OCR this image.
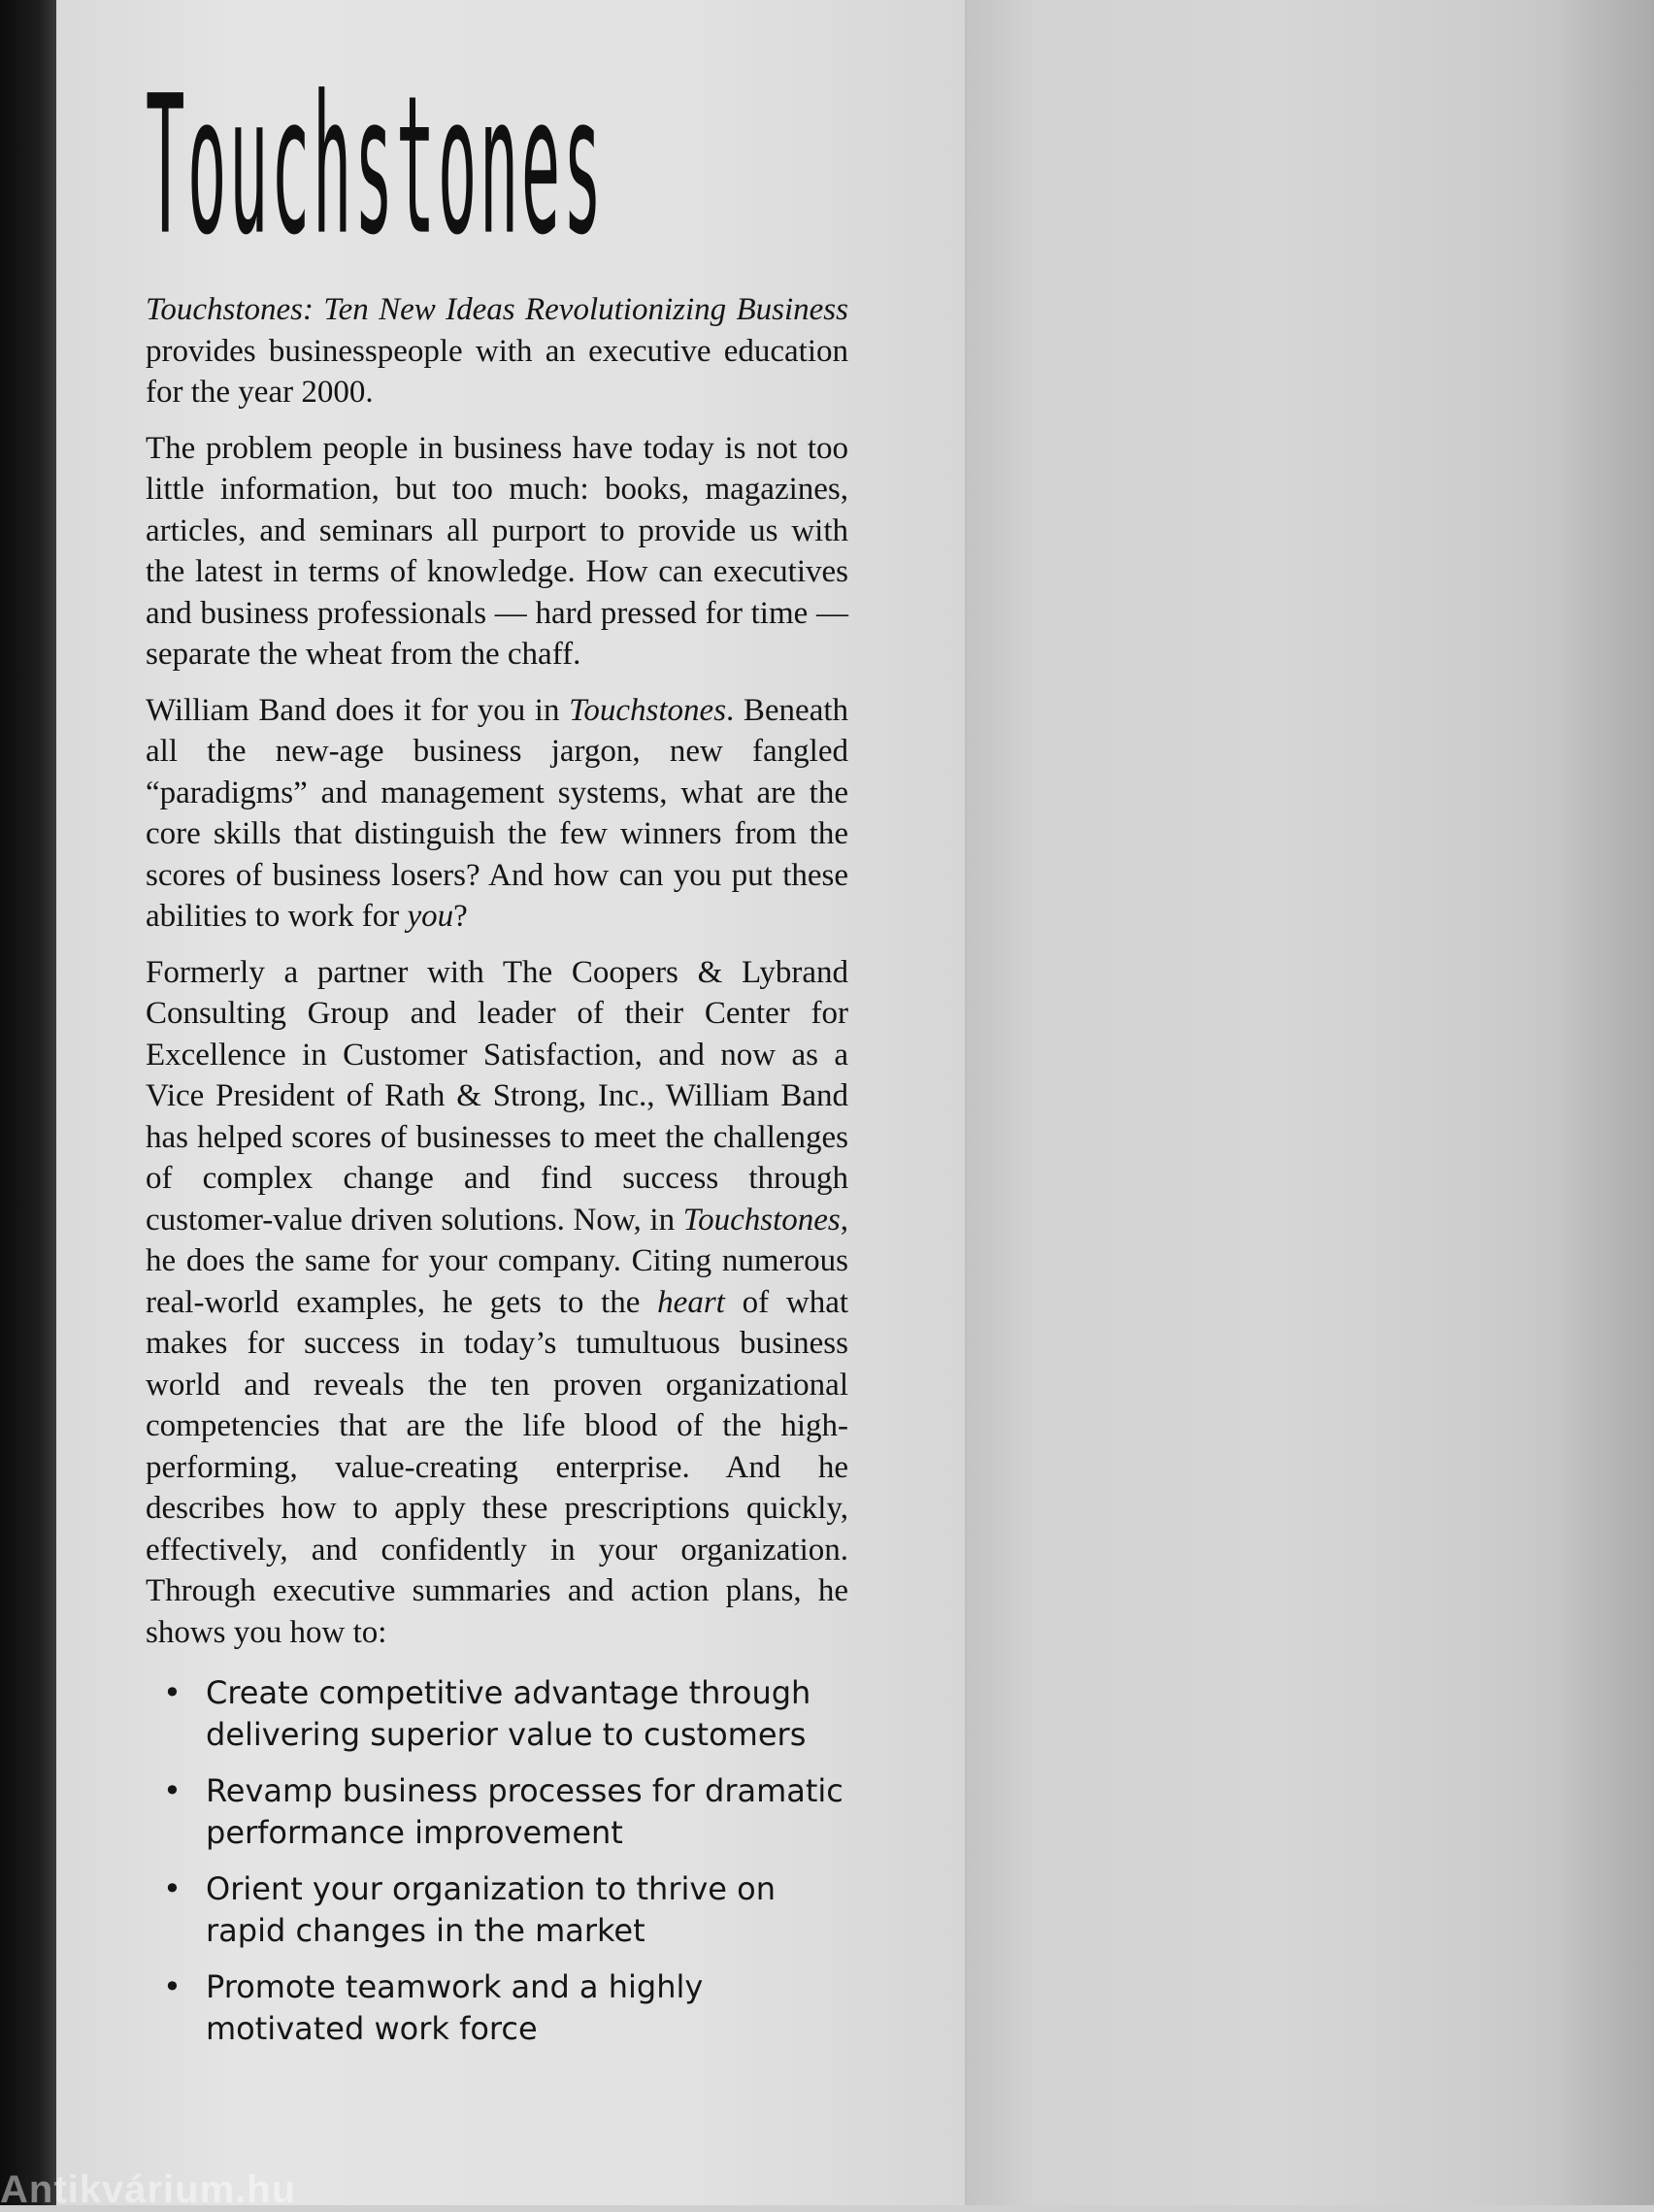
Touchstones

Touchstones: Ten New Ideas Revolutionizing Business provides businesspeople with an executive education for the year 2000.

The problem people in business have today is not too little information, but too much: books, magazines, articles, and seminars all purport to provide us with the latest in terms of knowledge. How can executives and business professionals — hard pressed for time — separate the wheat from the chaff.

William Band does it for you in Touchstones. Beneath all the new-age business jargon, new fangled “paradigms” and management systems, what are the core skills that distinguish the few winners from the scores of business losers? And how can you put these abilities to work for you?

Formerly a partner with The Coopers & Lybrand Consulting Group and leader of their Center for Excellence in Customer Satisfaction, and now as a Vice President of Rath & Strong, Inc., William Band has helped scores of businesses to meet the challenges of complex change and find success through customer-value driven solutions. Now, in Touchstones, he does the same for your company. Citing numerous real-world examples, he gets to the heart of what makes for success in today’s tumultuous business world and reveals the ten proven organizational competencies that are the life blood of the high-performing, value-creating enterprise. And he describes how to apply these prescriptions quickly, effectively, and confidently in your organization. Through executive summaries and action plans, he shows you how to:

• Create competitive advantage through delivering superior value to customers
• Revamp business processes for dramatic performance improvement
• Orient your organization to thrive on rapid changes in the market
• Promote teamwork and a highly motivated work force
Antikvárium.hu
